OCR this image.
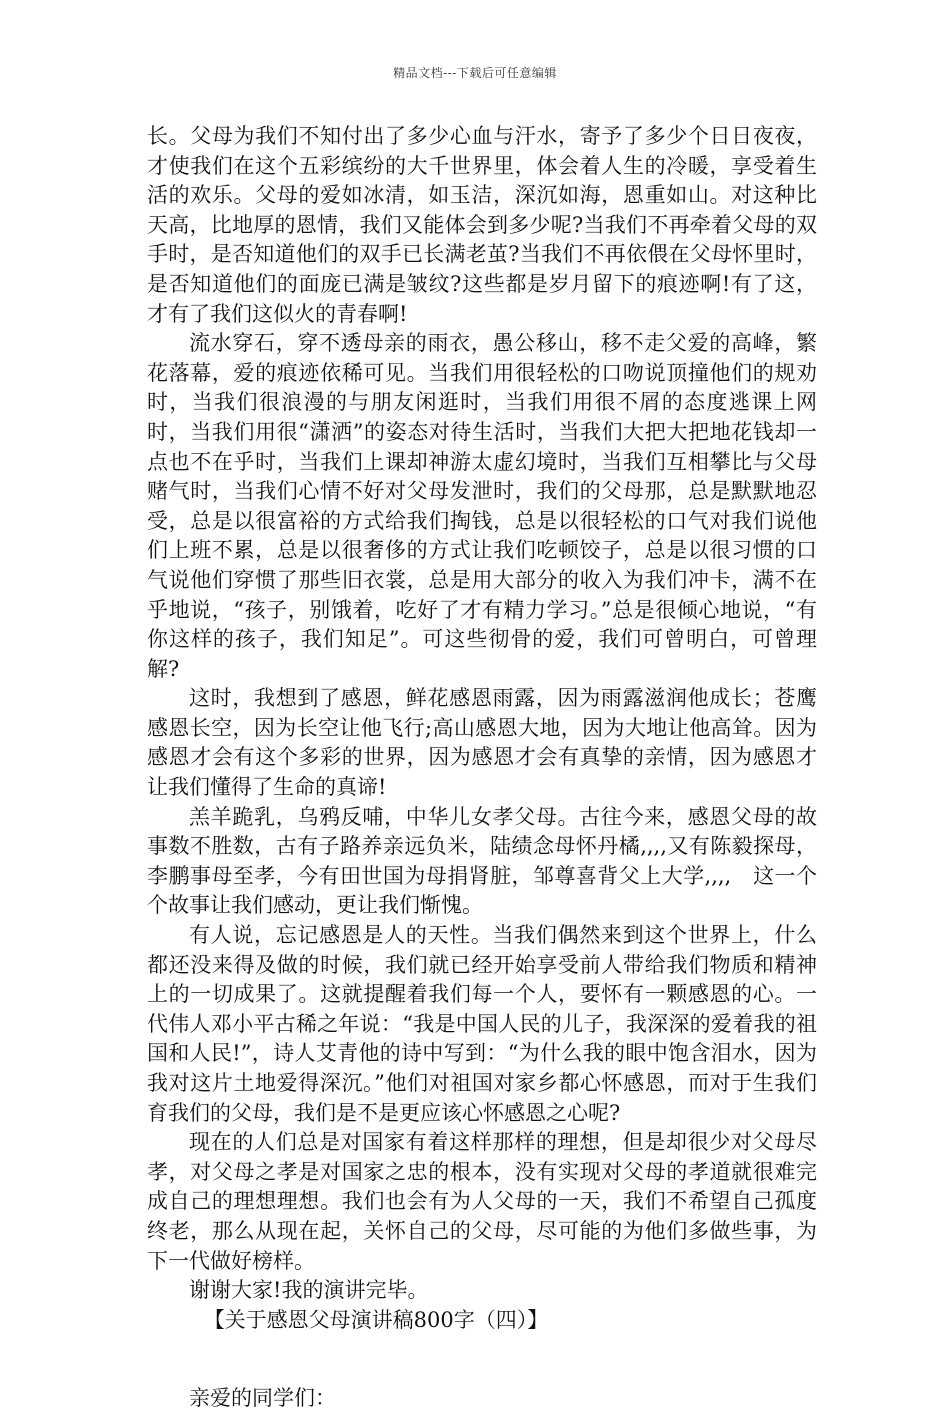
精品文档---下载后可任意编辑

长。父母为我们不知付出了多少心血与汗水，寄予了多少个日日夜夜，才使我们在这个五彩缤纷的大千世界里，体会着人生的冷暖，享受着生活的欢乐。父母的爱如冰清，如玉洁，深沉如海，恩重如山。对这种比天高，比地厚的恩情，我们又能体会到多少呢?当我们不再牵着父母的双手时，是否知道他们的双手已长满老茧?当我们不再依偎在父母怀里时，是否知道他们的面庞已满是皱纹?这些都是岁月留下的痕迹啊!有了这，才有了我们这似火的青春啊!

流水穿石，穿不透母亲的雨衣，愚公移山，移不走父爱的高峰，繁花落幕，爱的痕迹依稀可见。当我们用很轻松的口吻说顶撞他们的规劝时，当我们很浪漫的与朋友闲逛时，当我们用很不屑的态度逃课上网时，当我们用很“潇洒”的姿态对待生活时，当我们大把大把地花钱却一点也不在乎时，当我们上课却神游太虚幻境时，当我们互相攀比与父母赌气时，当我们心情不好对父母发泄时，我们的父母那，总是默默地忍受，总是以很富裕的方式给我们掏钱，总是以很轻松的口气对我们说他们上班不累，总是以很奢侈的方式让我们吃顿饺子，总是以很习惯的口气说他们穿惯了那些旧衣裳，总是用大部分的收入为我们冲卡，满不在乎地说，“孩子，别饿着，吃好了才有精力学习。”总是很倾心地说，“有你这样的孩子，我们知足”。可这些彻骨的爱，我们可曾明白，可曾理解?

这时，我想到了感恩，鲜花感恩雨露，因为雨露滋润他成长；苍鹰感恩长空，因为长空让他飞行;高山感恩大地，因为大地让他高耸。因为感恩才会有这个多彩的世界，因为感恩才会有真挚的亲情，因为感恩才让我们懂得了生命的真谛!

羔羊跪乳，乌鸦反哺，中华儿女孝父母。古往今来，感恩父母的故事数不胜数，古有子路养亲远负米，陆绩念母怀丹橘,,,,又有陈毅探母，李鹏事母至孝，今有田世国为母捐肾脏，邹尊喜背父上大学,,,,　这一个个故事让我们感动，更让我们惭愧。

有人说，忘记感恩是人的天性。当我们偶然来到这个世界上，什么都还没来得及做的时候，我们就已经开始享受前人带给我们物质和精神上的一切成果了。这就提醒着我们每一个人，要怀有一颗感恩的心。一代伟人邓小平古稀之年说：“我是中国人民的儿子，我深深的爱着我的祖国和人民!”，诗人艾青他的诗中写到：“为什么我的眼中饱含泪水，因为我对这片土地爱得深沉。”他们对祖国对家乡都心怀感恩，而对于生我们育我们的父母，我们是不是更应该心怀感恩之心呢?

现在的人们总是对国家有着这样那样的理想，但是却很少对父母尽孝，对父母之孝是对国家之忠的根本，没有实现对父母的孝道就很难完成自己的理想理想。我们也会有为人父母的一天，我们不希望自己孤度终老，那么从现在起，关怀自己的父母，尽可能的为他们多做些事，为下一代做好榜样。

谢谢大家!我的演讲完毕。

【关于感恩父母演讲稿800字（四）】

亲爱的同学们：
